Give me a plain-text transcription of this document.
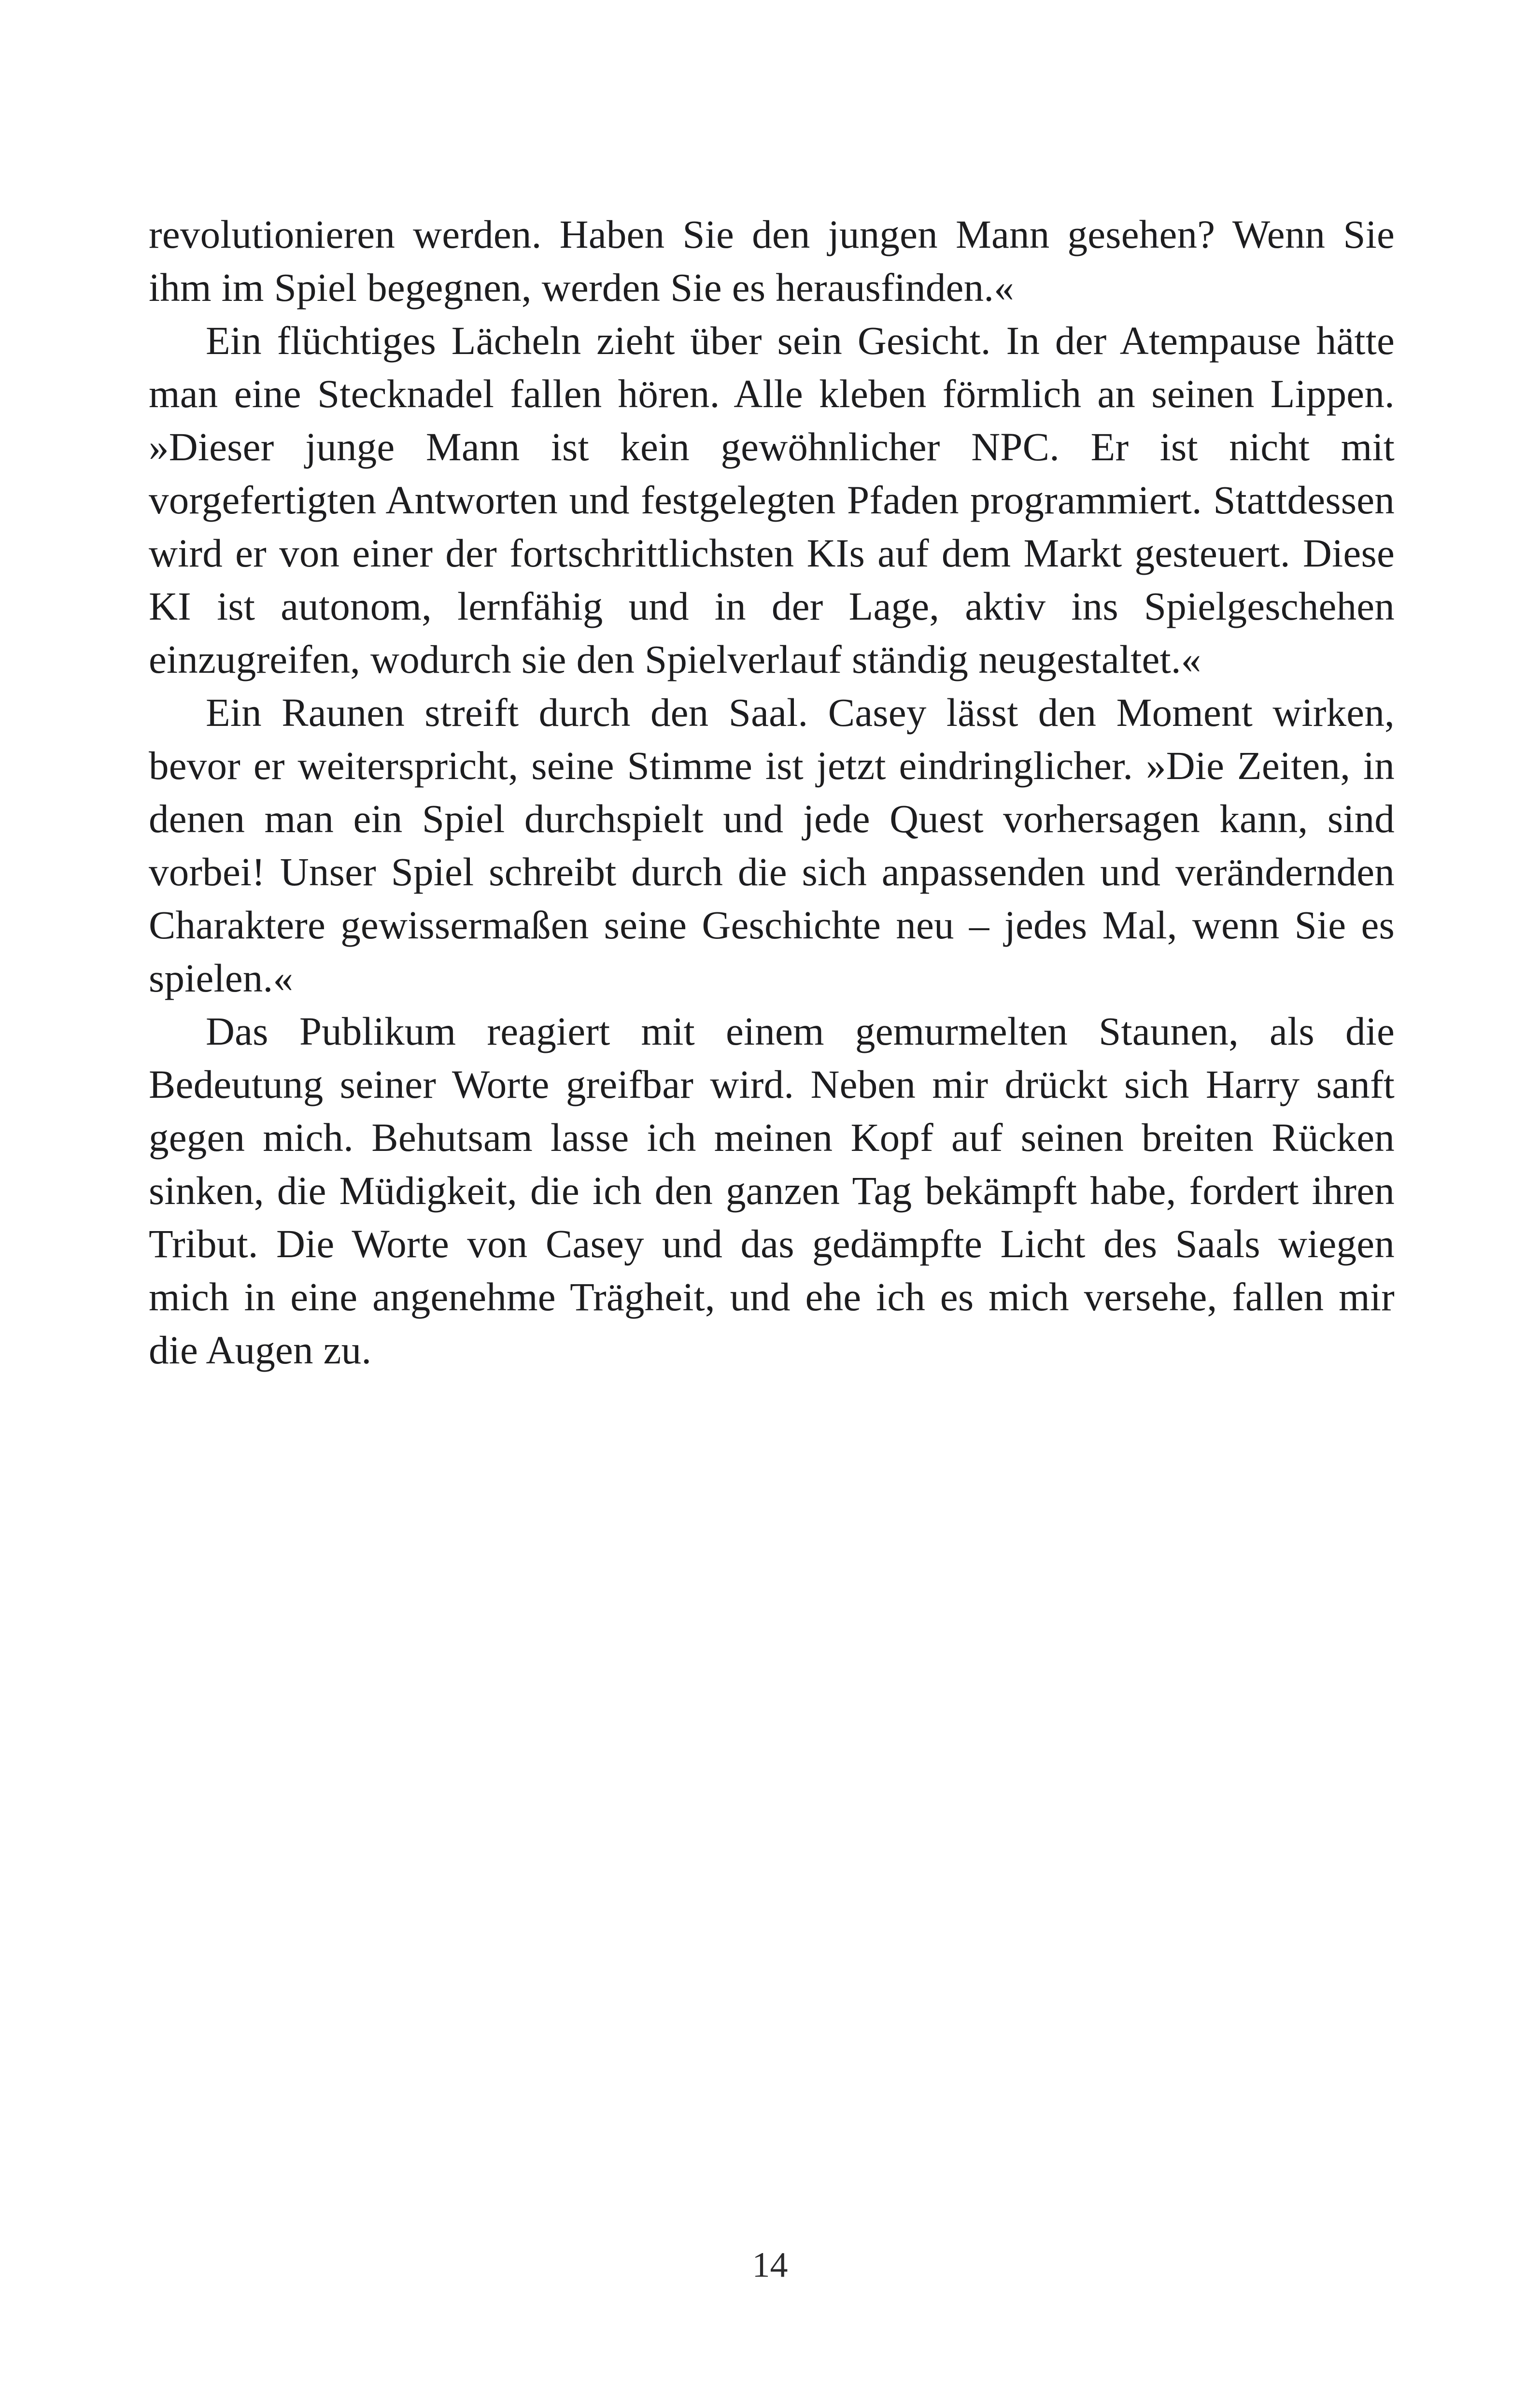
revolutionieren werden. Haben Sie den jungen Mann gesehen? Wenn Sie ihm im Spiel begegnen, werden Sie es herausfinden.«

Ein flüchtiges Lächeln zieht über sein Gesicht. In der Atempause hätte man eine Stecknadel fallen hören. Alle kleben förmlich an seinen Lippen. »Dieser junge Mann ist kein gewöhnlicher NPC. Er ist nicht mit vorgefertigten Antworten und festgelegten Pfaden programmiert. Stattdessen wird er von einer der fortschrittlichsten KIs auf dem Markt gesteuert. Diese KI ist autonom, lernfähig und in der Lage, aktiv ins Spielgeschehen einzugreifen, wodurch sie den Spielverlauf ständig neugestaltet.«

Ein Raunen streift durch den Saal. Casey lässt den Moment wirken, bevor er weiterspricht, seine Stimme ist jetzt eindringlicher. »Die Zeiten, in denen man ein Spiel durchspielt und jede Quest vorhersagen kann, sind vorbei! Unser Spiel schreibt durch die sich anpassenden und verändernden Charaktere gewissermaßen seine Geschichte neu – jedes Mal, wenn Sie es spielen.«

Das Publikum reagiert mit einem gemurmelten Staunen, als die Bedeutung seiner Worte greifbar wird. Neben mir drückt sich Harry sanft gegen mich. Behutsam lasse ich meinen Kopf auf seinen breiten Rücken sinken, die Müdigkeit, die ich den ganzen Tag bekämpft habe, fordert ihren Tribut. Die Worte von Casey und das gedämpfte Licht des Saals wiegen mich in eine angenehme Trägheit, und ehe ich es mich versehe, fallen mir die Augen zu.

14
